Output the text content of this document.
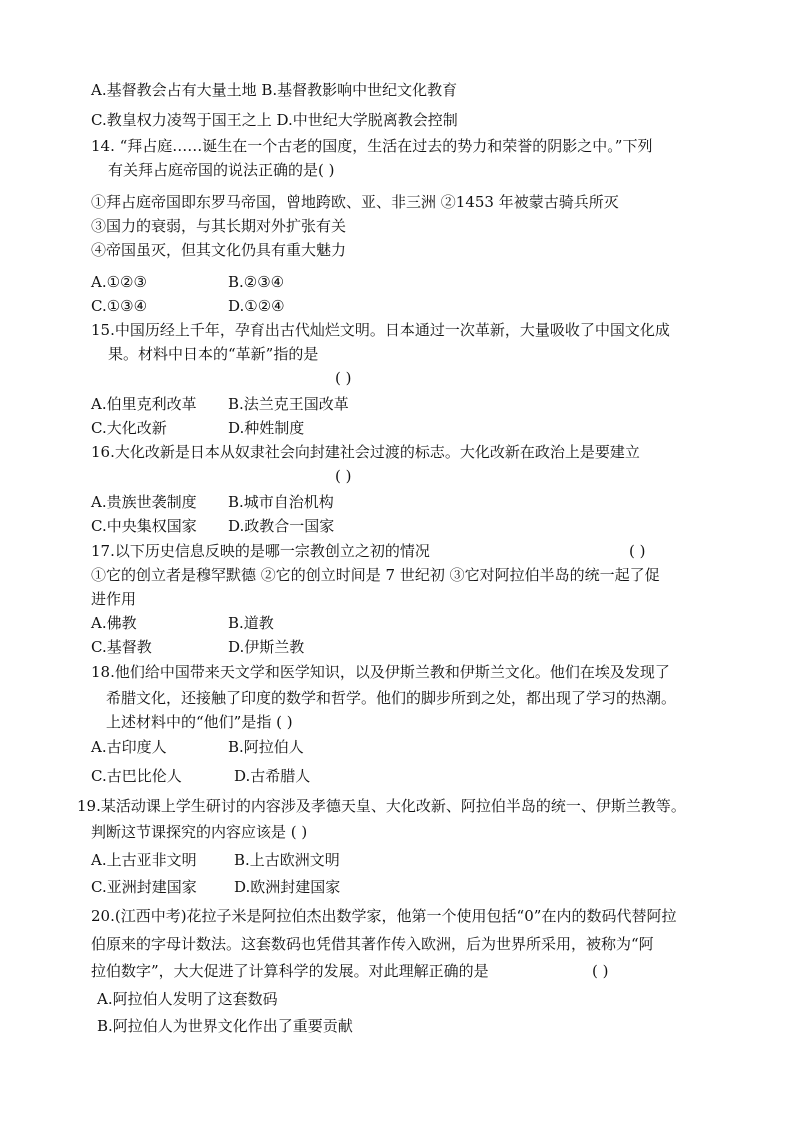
A.基督教会占有大量土地 B.基督教影响中世纪文化教育
C.教皇权力凌驾于国王之上 D.中世纪大学脱离教会控制
14. “拜占庭……诞生在一个古老的国度，生活在过去的势力和荣誉的阴影之中。”下列
有关拜占庭帝国的说法正确的是( )
①拜占庭帝国即东罗马帝国，曾地跨欧、亚、非三洲 ②1453 年被蒙古骑兵所灭
③国力的衰弱，与其长期对外扩张有关
④帝国虽灭，但其文化仍具有重大魅力
A.①②③	B.②③④
C.①③④	D.①②④
15.中国历经上千年，孕育出古代灿烂文明。日本通过一次革新，大量吸收了中国文化成
果。材料中日本的“革新”指的是
( )
A.伯里克利改革 B.法兰克王国改革
C.大化改新	D.种姓制度
16.大化改新是日本从奴隶社会向封建社会过渡的标志。大化改新在政治上是要建立
( )
A.贵族世袭制度 B.城市自治机构
C.中央集权国家 D.政教合一国家
17.以下历史信息反映的是哪一宗教创立之初的情况	( )
①它的创立者是穆罕默德 ②它的创立时间是 7 世纪初 ③它对阿拉伯半岛的统一起了促
进作用
A.佛教	B.道教
C.基督教	D.伊斯兰教
18.他们给中国带来天文学和医学知识，以及伊斯兰教和伊斯兰文化。他们在埃及发现了
希腊文化，还接触了印度的数学和哲学。他们的脚步所到之处，都出现了学习的热潮。
上述材料中的“他们”是指 ( )
A.古印度人	B.阿拉伯人
C.古巴比伦人	D.古希腊人
19.某活动课上学生研讨的内容涉及孝德天皇、大化改新、阿拉伯半岛的统一、伊斯兰教等。
判断这节课探究的内容应该是 ( )
A.上古亚非文明 B.上古欧洲文明
C.亚洲封建国家 D.欧洲封建国家
20.(江西中考)花拉子米是阿拉伯杰出数学家，他第一个使用包括“0”在内的数码代替阿拉
伯原来的字母计数法。这套数码也凭借其著作传入欧洲，后为世界所采用，被称为“阿
拉伯数字”，大大促进了计算科学的发展。对此理解正确的是	( )
A.阿拉伯人发明了这套数码
B.阿拉伯人为世界文化作出了重要贡献
